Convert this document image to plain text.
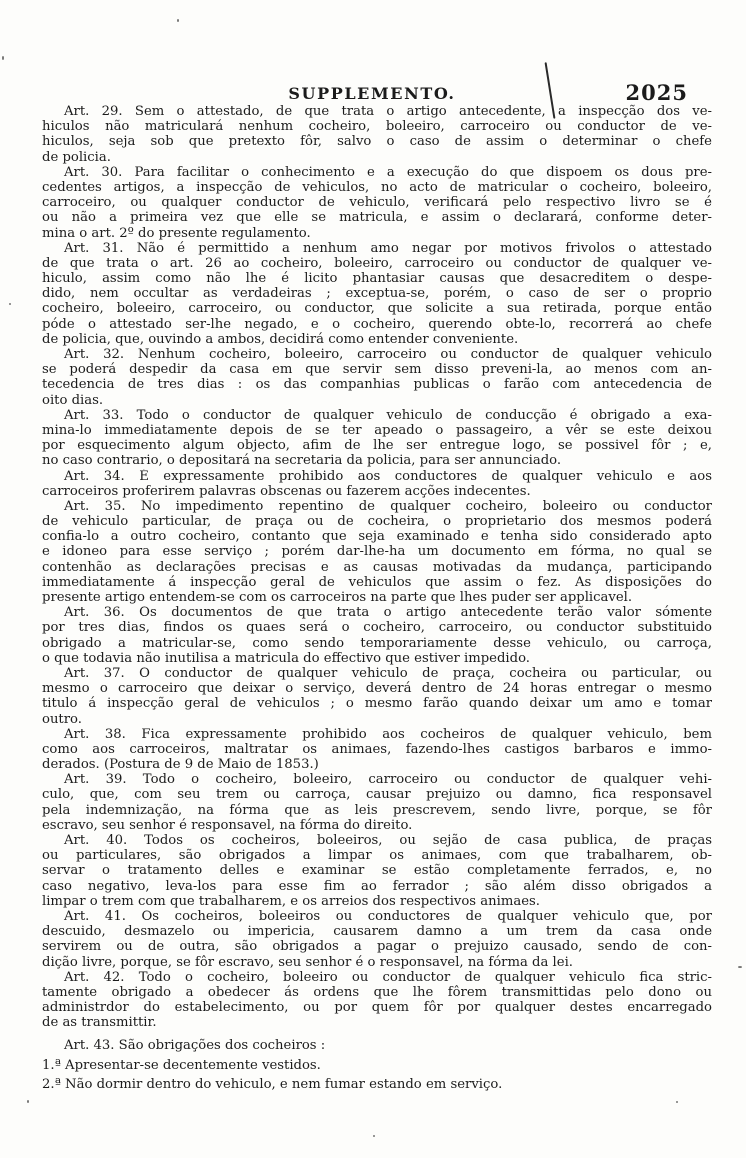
SUPPLEMENTO.	2025

Art. 29. Sem o attestado, de que trata o artigo antecedente, a inspecção dos ve-
hiculos não matriculará nenhum cocheiro, boleeiro, carroceiro ou conductor de ve-
hiculos, seja sob que pretexto fôr, salvo o caso de assim o determinar o chefe
de policia.

Art. 30. Para facilitar o conhecimento e a execução do que dispoem os dous pre-
cedentes artigos, a inspecção de vehiculos, no acto de matricular o cocheiro, boleeiro,
carroceiro, ou qualquer conductor de vehiculo, verificará pelo respectivo livro se é
ou não a primeira vez que elle se matricula, e assim o declarará, conforme deter-
mina o art. 2º do presente regulamento.

Art. 31. Não é permittido a nenhum amo negar por motivos frivolos o attestado
de que trata o art. 26 ao cocheiro, boleeiro, carroceiro ou conductor de qualquer ve-
hiculo, assim como não lhe é licito phantasiar causas que desacreditem o despe-
dido, nem occultar as verdadeiras ; exceptua-se, porém, o caso de ser o proprio
cocheiro, boleeiro, carroceiro, ou conductor, que solicite a sua retirada, porque então
póde o attestado ser-lhe negado, e o cocheiro, querendo obte-lo, recorrerá ao chefe
de policia, que, ouvindo a ambos, decidirá como entender conveniente.

Art. 32. Nenhum cocheiro, boleeiro, carroceiro ou conductor de qualquer vehiculo
se poderá despedir da casa em que servir sem disso preveni-la, ao menos com an-
tecedencia de tres dias : os das companhias publicas o farão com antecedencia de
oito dias.

Art. 33. Todo o conductor de qualquer vehiculo de conducção é obrigado a exa-
mina-lo immediatamente depois de se ter apeado o passageiro, a vêr se este deixou
por esquecimento algum objecto, afim de lhe ser entregue logo, se possivel fôr ; e,
no caso contrario, o depositará na secretaria da policia, para ser annunciado.

Art. 34. É expressamente prohibido aos conductores de qualquer vehiculo e aos
carroceiros proferirem palavras obscenas ou fazerem acções indecentes.

Art. 35. No impedimento repentino de qualquer cocheiro, boleeiro ou conductor
de vehiculo particular, de praça ou de cocheira, o proprietario dos mesmos poderá
confia-lo a outro cocheiro, contanto que seja examinado e tenha sido considerado apto
e idoneo para esse serviço ; porém dar-lhe-ha um documento em fórma, no qual se
contenhão as declarações precisas e as causas motivadas da mudança, participando
immediatamente á inspecção geral de vehiculos que assim o fez. As disposições do
presente artigo entendem-se com os carroceiros na parte que lhes puder ser applicavel.

Art. 36. Os documentos de que trata o artigo antecedente terão valor sómente
por tres dias, findos os quaes será o cocheiro, carroceiro, ou conductor substituido
obrigado a matricular-se, como sendo temporariamente desse vehiculo, ou carroça,
o que todavia não inutilisa a matricula do effectivo que estiver impedido.

Art. 37. O conductor de qualquer vehiculo de praça, cocheira ou particular, ou
mesmo o carroceiro que deixar o serviço, deverá dentro de 24 horas entregar o mesmo
titulo á inspecção geral de vehiculos ; o mesmo farão quando deixar um amo e tomar
outro.

Art. 38. Fica expressamente prohibido aos cocheiros de qualquer vehiculo, bem
como aos carroceiros, maltratar os animaes, fazendo-lhes castigos barbaros e immo-
derados. (Postura de 9 de Maio de 1853.)

Art. 39. Todo o cocheiro, boleeiro, carroceiro ou conductor de qualquer vehi-
culo, que, com seu trem ou carroça, causar prejuizo ou damno, fica responsavel
pela indemnização, na fórma que as leis prescrevem, sendo livre, porque, se fôr
escravo, seu senhor é responsavel, na fórma do direito.

Art. 40. Todos os cocheiros, boleeiros, ou sejão de casa publica, de praças
ou particulares, são obrigados a limpar os animaes, com que trabalharem, ob-
servar o tratamento delles e examinar se estão completamente ferrados, e, no
caso negativo, leva-los para esse fim ao ferrador ; são além disso obrigados a
limpar o trem com que trabalharem, e os arreios dos respectivos animaes.

Art. 41. Os cocheiros, boleeiros ou conductores de qualquer vehiculo que, por
descuido, desmazelo ou impericia, causarem damno a um trem da casa onde
servirem ou de outra, são obrigados a pagar o prejuizo causado, sendo de con-
dição livre, porque, se fôr escravo, seu senhor é o responsavel, na fórma da lei.

Art. 42. Todo o cocheiro, boleeiro ou conductor de qualquer vehiculo fica stric-
tamente obrigado a obedecer ás ordens que lhe fôrem transmittidas pelo dono ou
administrdor do estabelecimento, ou por quem fôr por qualquer destes encarregado
de as transmittir.

Art. 43. São obrigações dos cocheiros :

1.ª Apresentar-se decentemente vestidos.

2.ª Não dormir dentro do vehiculo, e nem fumar estando em serviço.
